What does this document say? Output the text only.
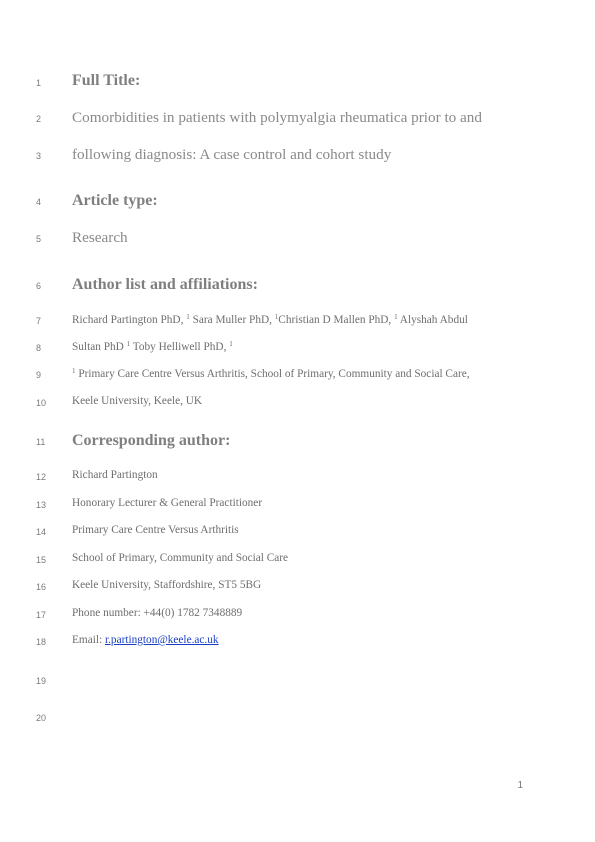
1
2
3
4
5
6
7
8
9
10
11
12
13
14
15
16
17
18
19
20
Full Title:
Comorbidities in patients with polymyalgia rheumatica prior to and
following diagnosis: A case control and cohort study
Article type:
Research
Author list and affiliations:
Richard Partington PhD, $^1$ Sara Muller PhD, $^1$Christian D Mallen PhD, $^1$ Alyshah Abdul
Sultan PhD $^1$ Toby Helliwell PhD, $^1$
$^1$ Primary Care Centre Versus Arthritis, School of Primary, Community and Social Care,
Keele University, Keele, UK
Corresponding author:
Richard Partington
Honorary Lecturer & General Practitioner
Primary Care Centre Versus Arthritis
School of Primary, Community and Social Care
Keele University, Staffordshire, ST5 5BG
Phone number: +44(0) 1782 7348889
Email: r.partington@keele.ac.uk
1
